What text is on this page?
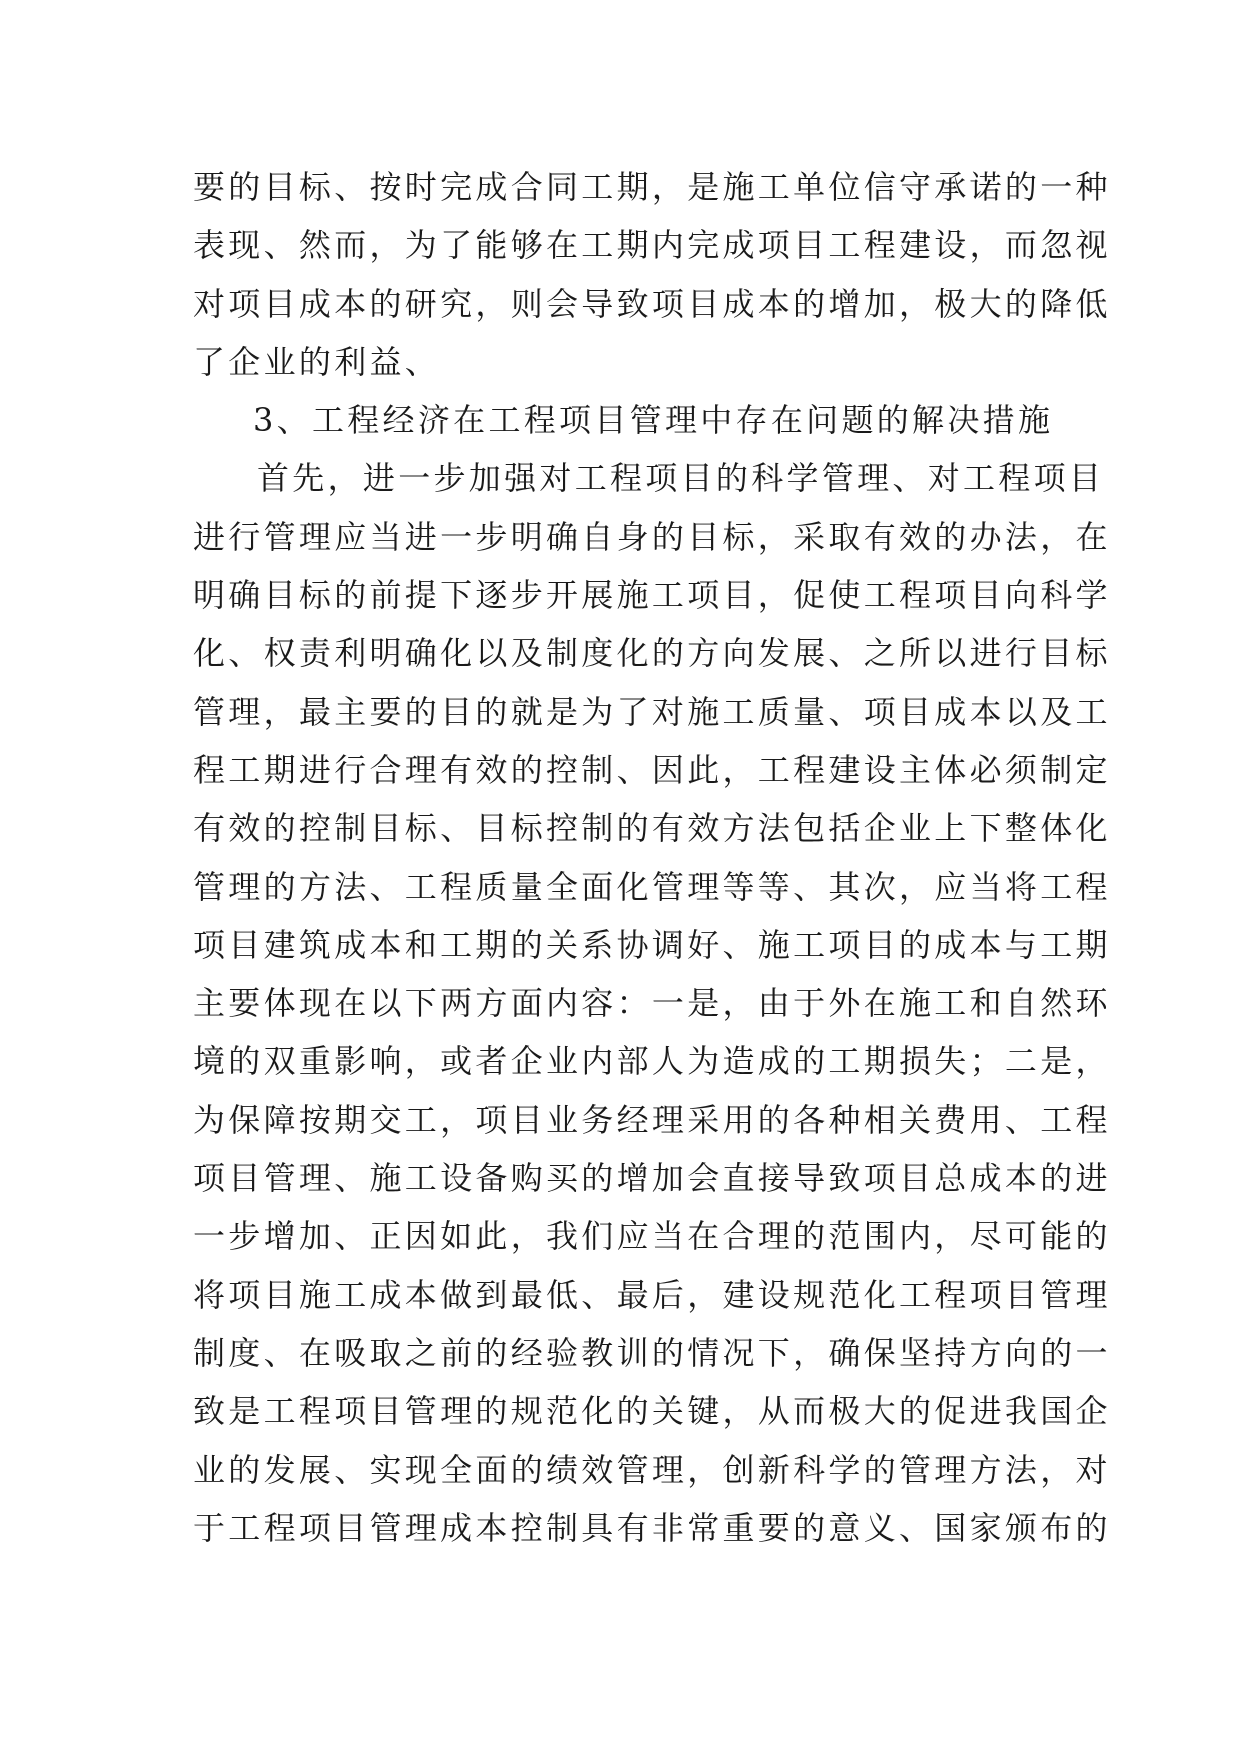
要的目标、按时完成合同工期，是施工单位信守承诺的一种
表现、然而，为了能够在工期内完成项目工程建设，而忽视
对项目成本的研究，则会导致项目成本的增加，极大的降低
了企业的利益、
3、工程经济在工程项目管理中存在问题的解决措施
首先，进一步加强对工程项目的科学管理、对工程项目
进行管理应当进一步明确自身的目标，采取有效的办法，在
明确目标的前提下逐步开展施工项目，促使工程项目向科学
化、权责利明确化以及制度化的方向发展、之所以进行目标
管理，最主要的目的就是为了对施工质量、项目成本以及工
程工期进行合理有效的控制、因此，工程建设主体必须制定
有效的控制目标、目标控制的有效方法包括企业上下整体化
管理的方法、工程质量全面化管理等等、其次，应当将工程
项目建筑成本和工期的关系协调好、施工项目的成本与工期
主要体现在以下两方面内容：一是，由于外在施工和自然环
境的双重影响，或者企业内部人为造成的工期损失；二是，
为保障按期交工，项目业务经理采用的各种相关费用、工程
项目管理、施工设备购买的增加会直接导致项目总成本的进
一步增加、正因如此，我们应当在合理的范围内，尽可能的
将项目施工成本做到最低、最后，建设规范化工程项目管理
制度、在吸取之前的经验教训的情况下，确保坚持方向的一
致是工程项目管理的规范化的关键，从而极大的促进我国企
业的发展、实现全面的绩效管理，创新科学的管理方法，对
于工程项目管理成本控制具有非常重要的意义、国家颁布的
